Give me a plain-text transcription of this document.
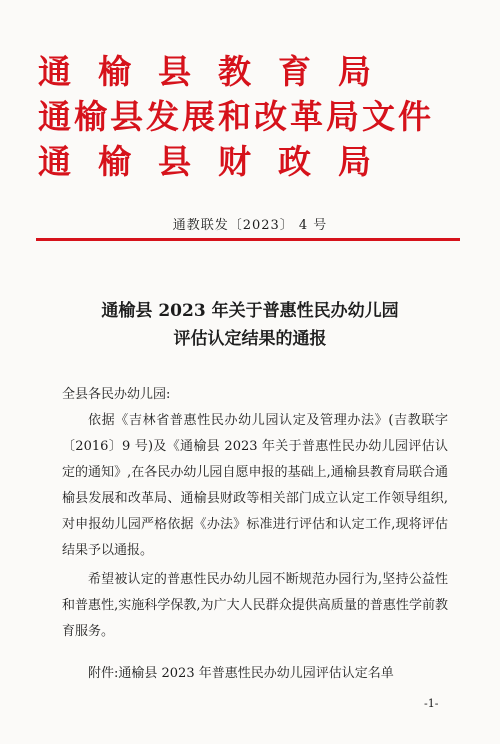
通榆县教育局
通榆县发展和改革局文件
通榆县财政局
通教联发〔2023〕 4 号
通榆县 2023 年关于普惠性民办幼儿园
评估认定结果的通报
全县各民办幼儿园:
依据《吉林省普惠性民办幼儿园认定及管理办法》(吉教联字〔2016〕9 号)及《通榆县 2023 年关于普惠性民办幼儿园评估认定的通知》,在各民办幼儿园自愿申报的基础上,通榆县教育局联合通榆县发展和改革局、通榆县财政等相关部门成立认定工作领导组织,对申报幼儿园严格依据《办法》标准进行评估和认定工作,现将评估结果予以通报。
希望被认定的普惠性民办幼儿园不断规范办园行为,坚持公益性和普惠性,实施科学保教,为广大人民群众提供高质量的普惠性学前教育服务。
附件:通榆县 2023 年普惠性民办幼儿园评估认定名单
-1-
